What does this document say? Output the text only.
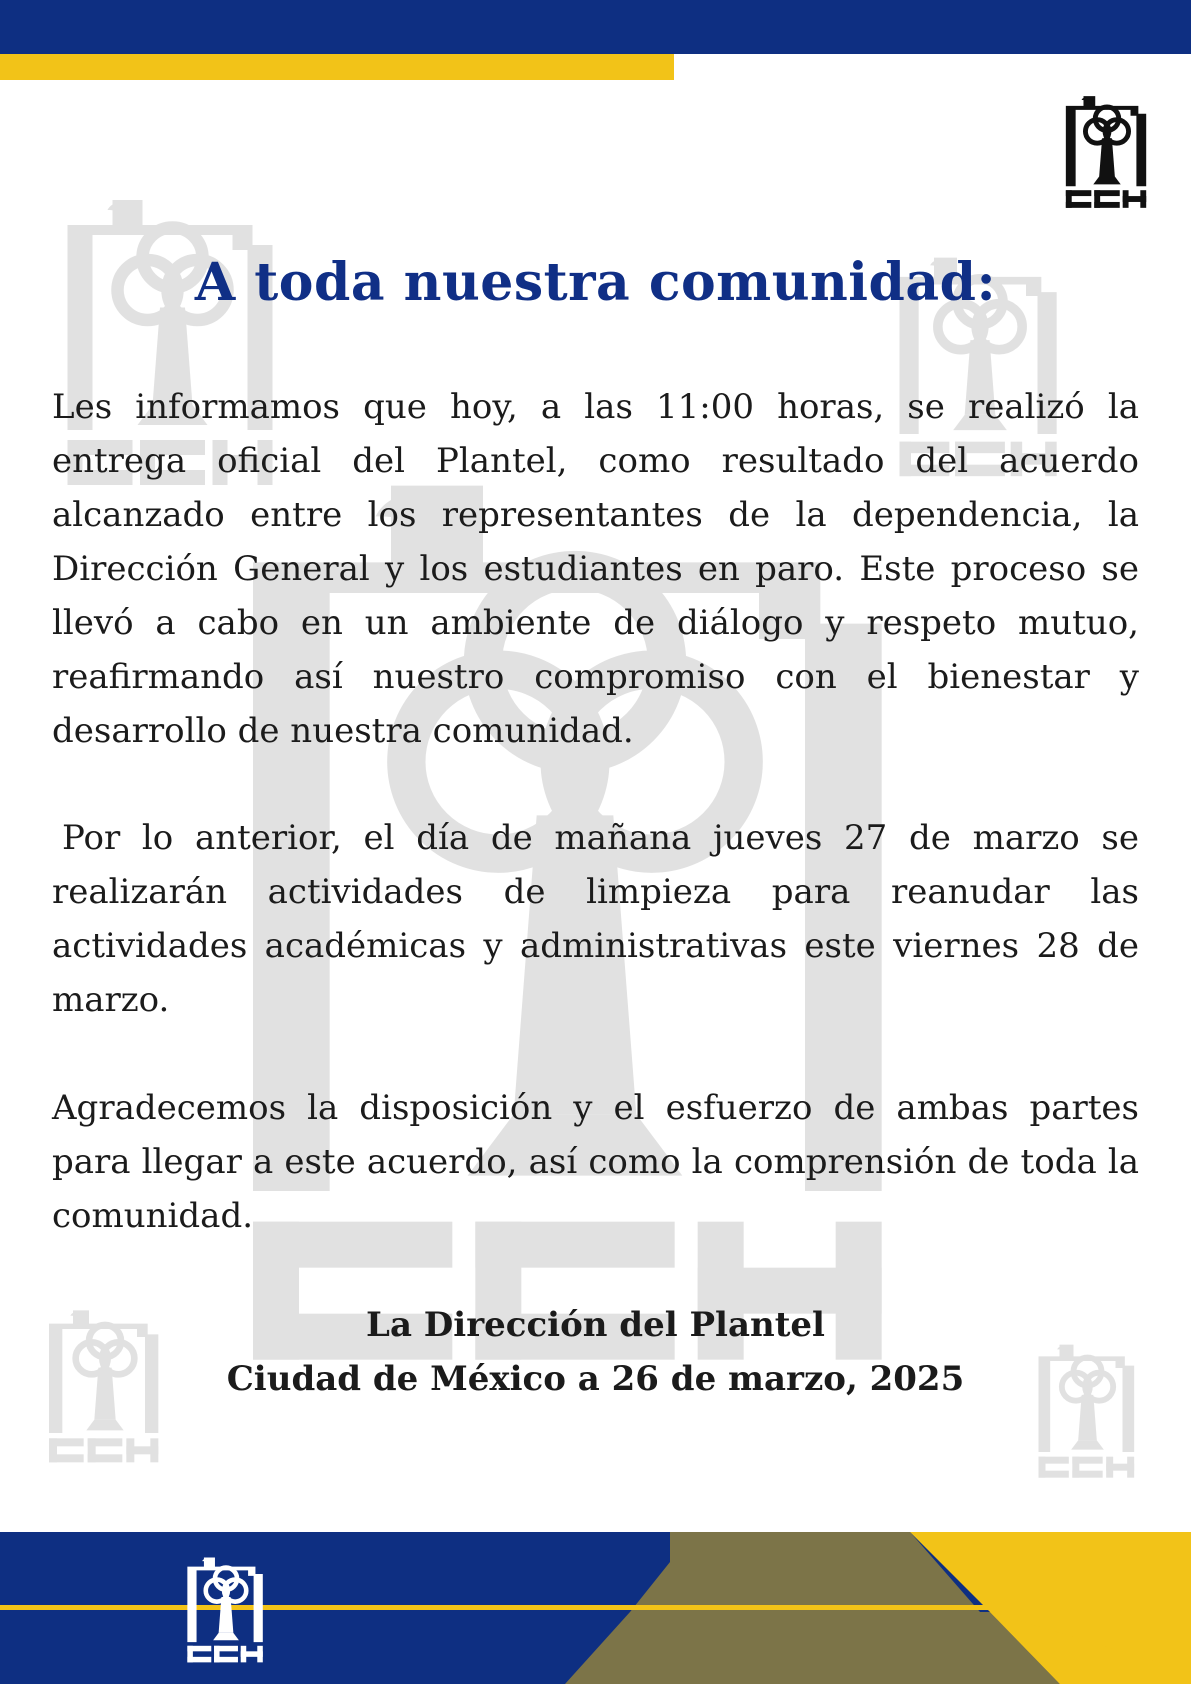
A toda nuestra comunidad:

Les informamos que hoy, a las 11:00 horas, se realizó la entrega oficial del Plantel, como resultado del acuerdo alcanzado entre los representantes de la dependencia, la Dirección General y los estudiantes en paro. Este proceso se llevó a cabo en un ambiente de diálogo y respeto mutuo, reafirmando así nuestro compromiso con el bienestar y desarrollo de nuestra comunidad.

Por lo anterior, el día de mañana jueves 27 de marzo se realizarán actividades de limpieza para reanudar las actividades académicas y administrativas este viernes 28 de marzo.

Agradecemos la disposición y el esfuerzo de ambas partes para llegar a este acuerdo, así como la comprensión de toda la comunidad.

La Dirección del Plantel
Ciudad de México a 26 de marzo, 2025
